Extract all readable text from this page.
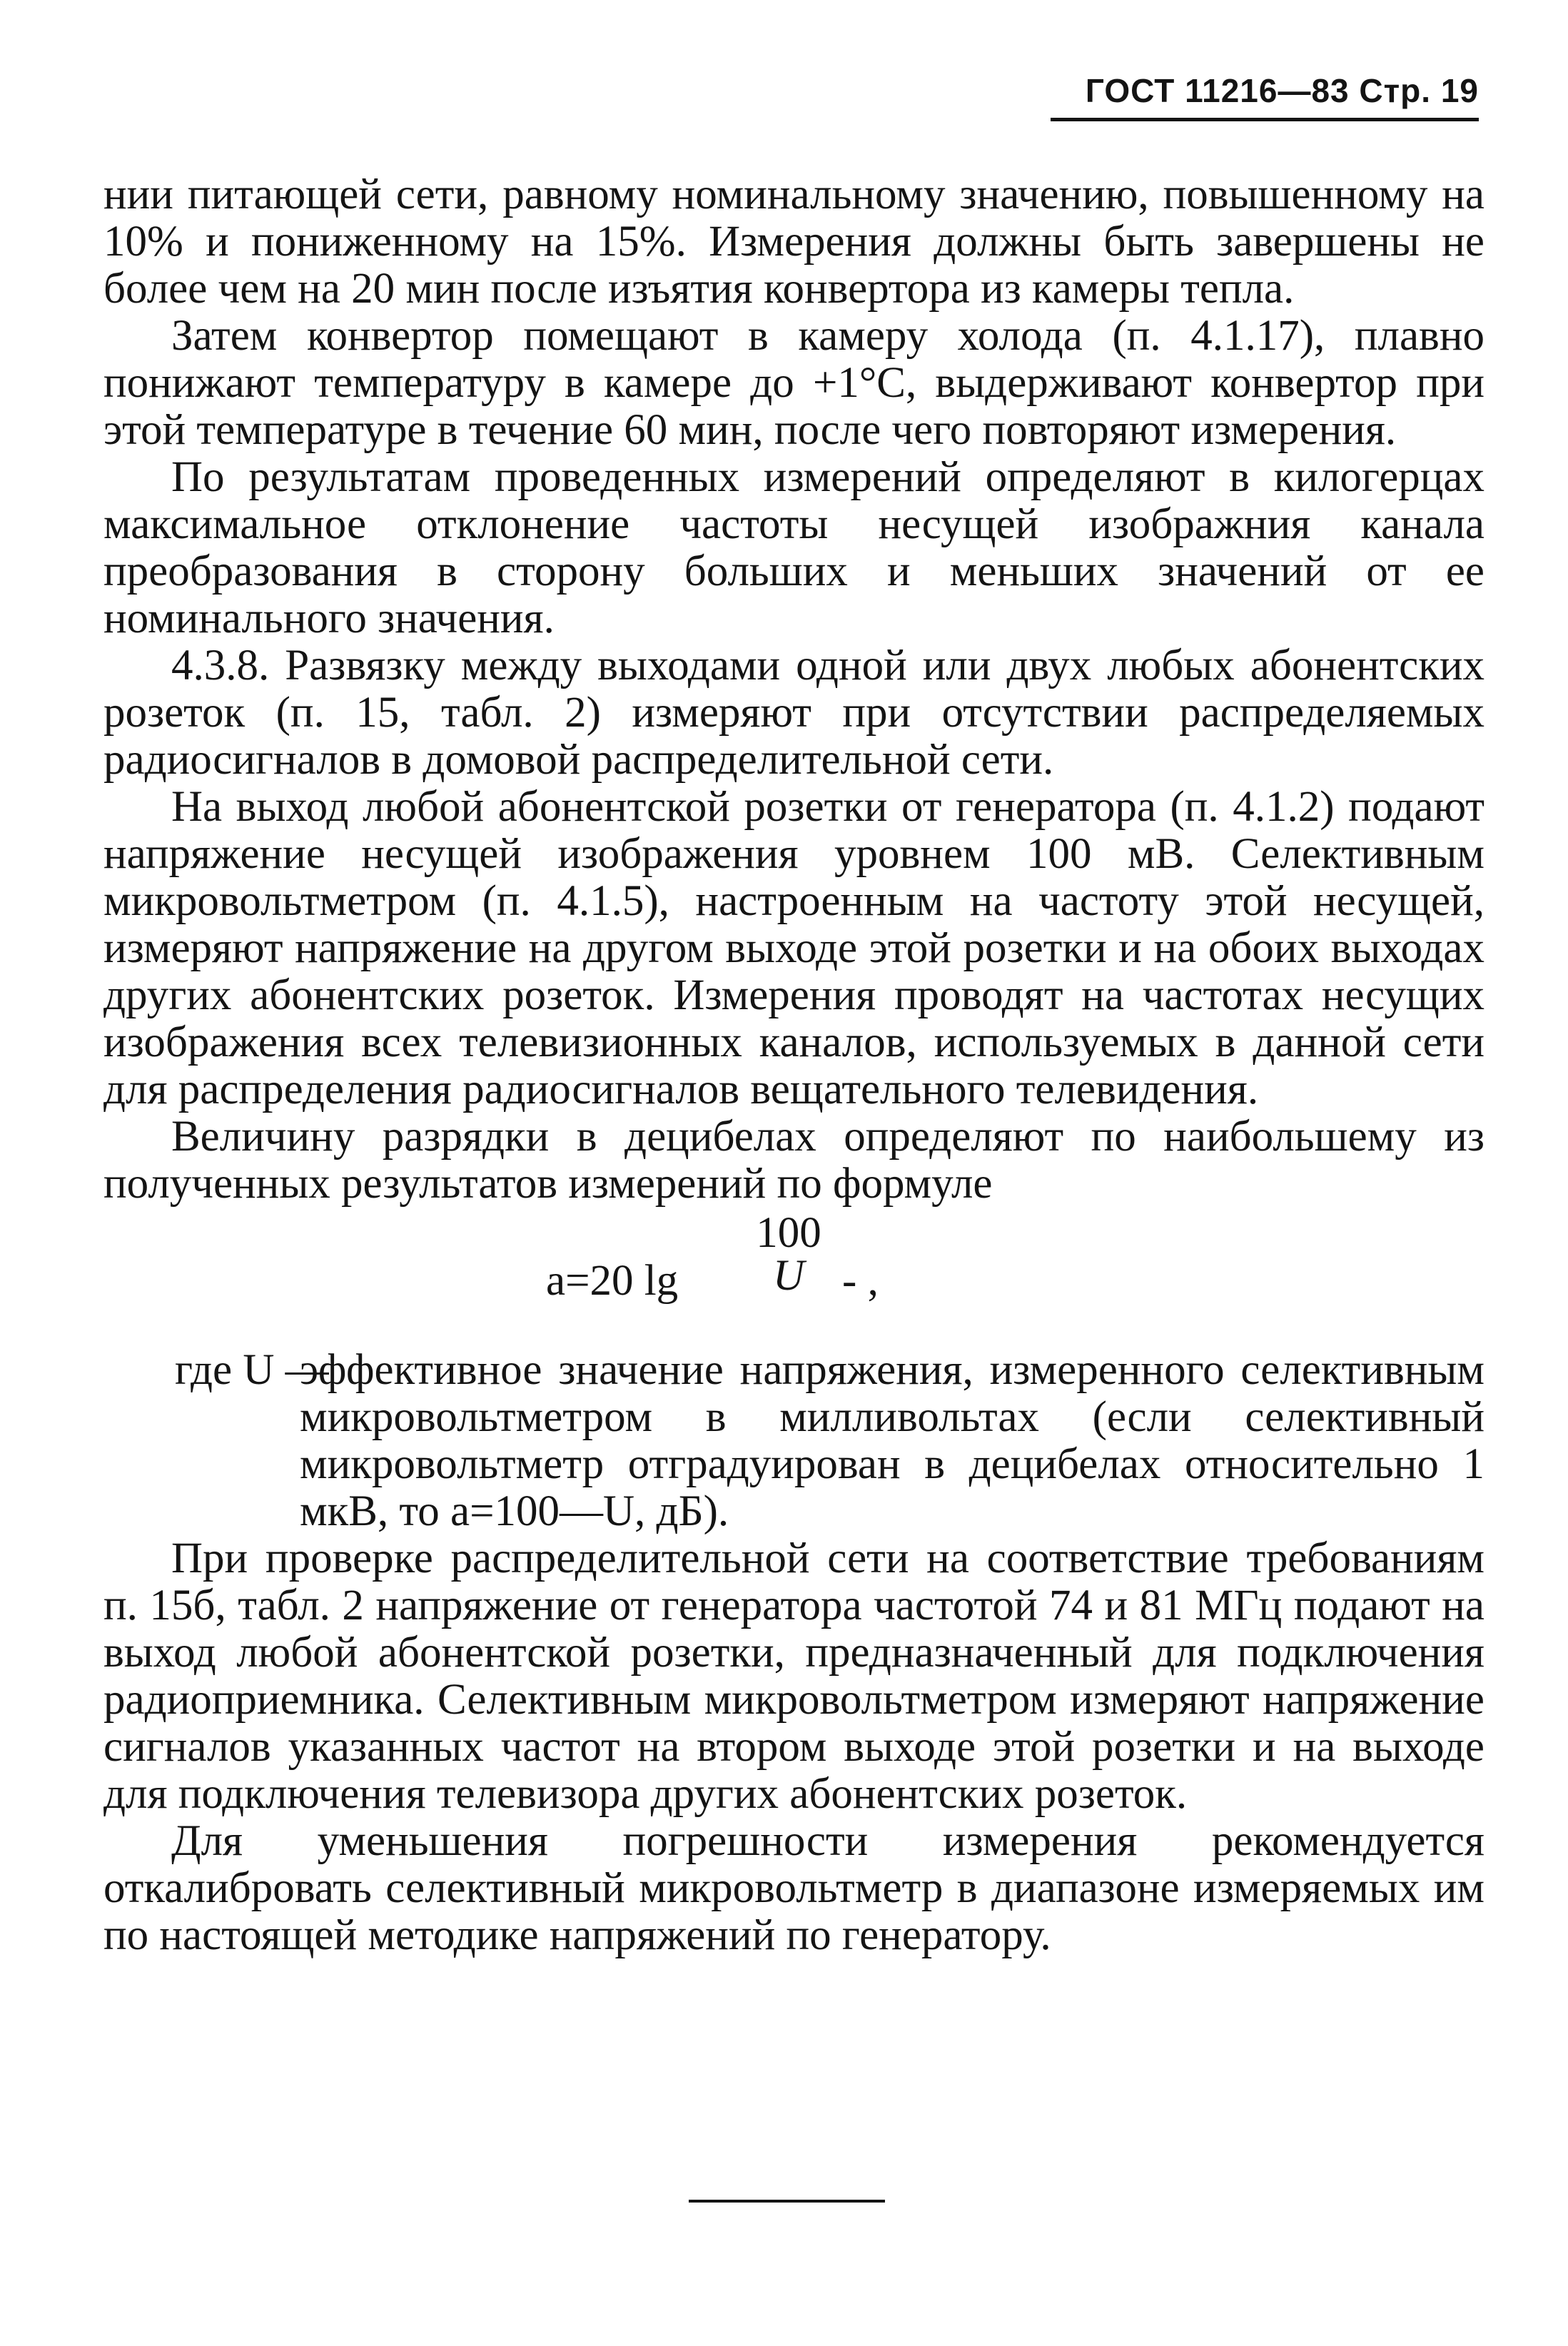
ГОСТ 11216—83 Стр. 19

нии питающей сети, равному номинальному значению, повышенному на 10% и пониженному на 15%. Измерения должны быть завершены не более чем на 20 мин после изъятия конвертора из камеры тепла.

Затем конвертор помещают в камеру холода (п. 4.1.17), плавно понижают температуру в камере до +1°С, выдерживают конвертор при этой температуре в течение 60 мин, после чего повторяют измерения.

По результатам проведенных измерений определяют в килогерцах максимальное отклонение частоты несущей изображния канала преобразования в сторону больших и меньших значений от ее номинального значения.

4.3.8. Развязку между выходами одной или двух любых абонентских розеток (п. 15, табл. 2) измеряют при отсутствии распределяемых радиосигналов в домовой распределительной сети.

На выход любой абонентской розетки от генератора (п. 4.1.2) подают напряжение несущей изображения уровнем 100 мВ. Селективным микровольтметром (п. 4.1.5), настроенным на частоту этой несущей, измеряют напряжение на другом выходе этой розетки и на обоих выходах других абонентских розеток. Измерения проводят на частотах несущих изображения всех телевизионных каналов, используемых в данной сети для распределения радиосигналов вещательного телевидения.

Величину разрядки в децибелах определяют по наибольшему из полученных результатов измерений по формуле

a=20 lg
100
U - ,
где U —
эффективное значение напряжения, измеренного селективным микровольтметром в милливольтах (если селективный микровольтметр отградуирован в децибелах относительно 1 мкВ, то a=100—U, дБ).

При проверке распределительной сети на соответствие требованиям п. 15б, табл. 2 напряжение от генератора частотой 74 и 81 МГц подают на выход любой абонентской розетки, предназначенный для подключения радиоприемника. Селективным микровольтметром измеряют напряжение сигналов указанных частот на втором выходе этой розетки и на выходе для подключения телевизора других абонентских розеток.

Для уменьшения погрешности измерения рекомендуется откалибровать селективный микровольтметр в диапазоне измеряемых им по настоящей методике напряжений по генератору.
